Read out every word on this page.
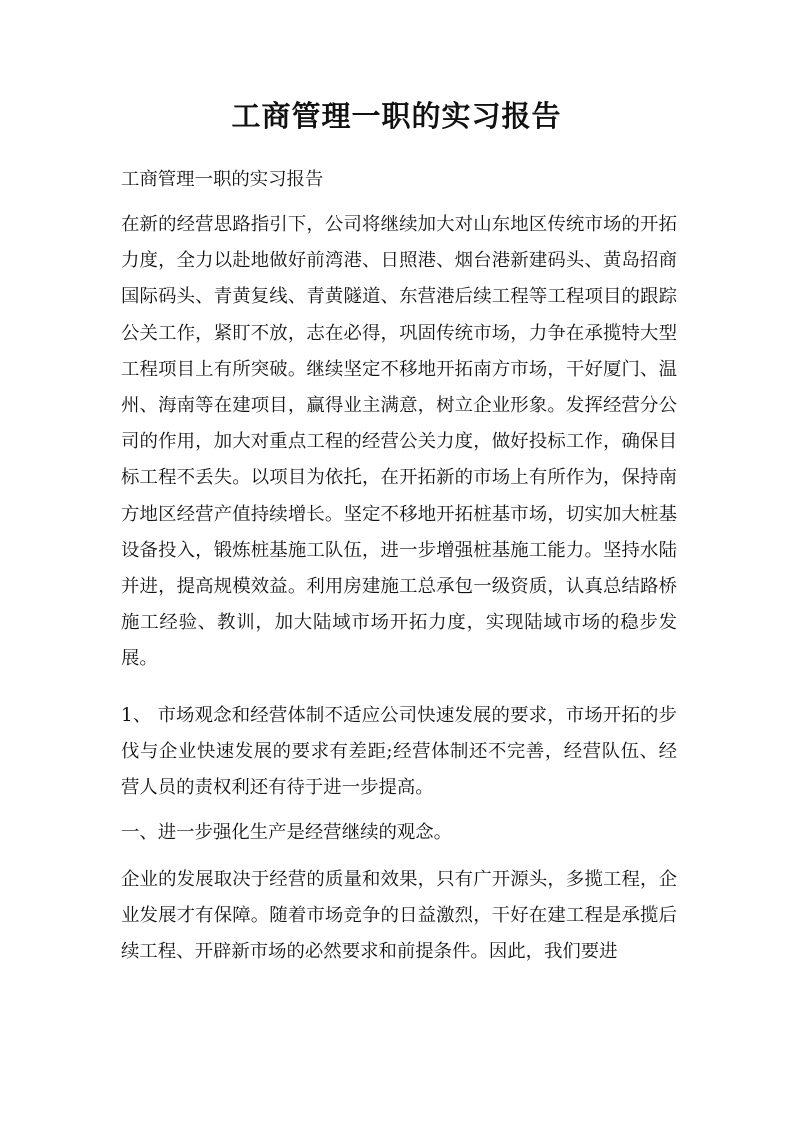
工商管理一职的实习报告

工商管理一职的实习报告

在新的经营思路指引下，公司将继续加大对山东地区传统市场的开拓力度，全力以赴地做好前湾港、日照港、烟台港新建码头、黄岛招商国际码头、青黄复线、青黄隧道、东营港后续工程等工程项目的跟踪公关工作，紧盯不放，志在必得，巩固传统市场，力争在承揽特大型工程项目上有所突破。继续坚定不移地开拓南方市场，干好厦门、温州、海南等在建项目，赢得业主满意，树立企业形象。发挥经营分公司的作用，加大对重点工程的经营公关力度，做好投标工作，确保目标工程不丢失。以项目为依托，在开拓新的市场上有所作为，保持南方地区经营产值持续增长。坚定不移地开拓桩基市场，切实加大桩基设备投入，锻炼桩基施工队伍，进一步增强桩基施工能力。坚持水陆并进，提高规模效益。利用房建施工总承包一级资质，认真总结路桥施工经验、教训，加大陆域市场开拓力度，实现陆域市场的稳步发展。

1、 市场观念和经营体制不适应公司快速发展的要求，市场开拓的步伐与企业快速发展的要求有差距;经营体制还不完善，经营队伍、经营人员的责权利还有待于进一步提高。

一、进一步强化生产是经营继续的观念。

企业的发展取决于经营的质量和效果，只有广开源头，多揽工程，企业发展才有保障。随着市场竞争的日益激烈，干好在建工程是承揽后续工程、开辟新市场的必然要求和前提条件。因此，我们要进
